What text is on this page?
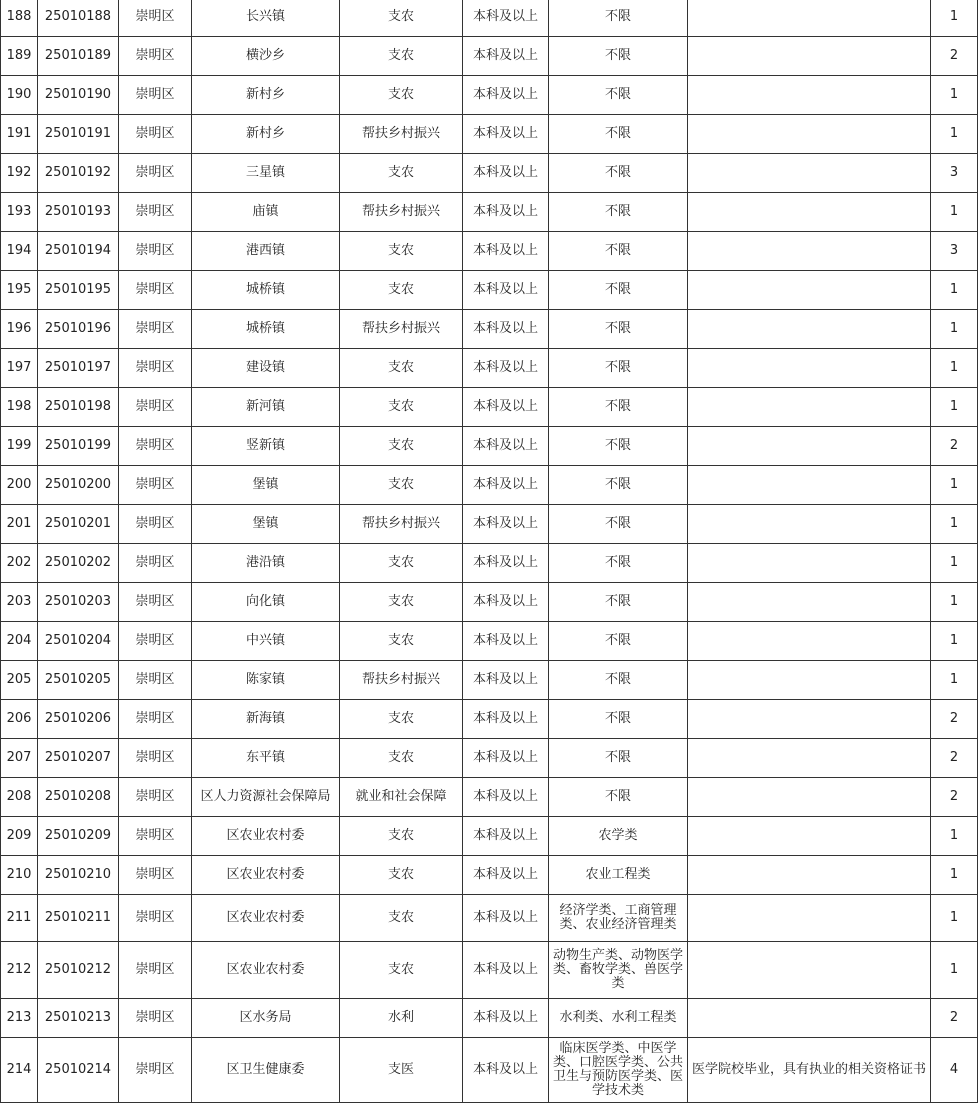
188	25010188	崇明区	长兴镇	支农	本科及以上	不限		1
189	25010189	崇明区	横沙乡	支农	本科及以上	不限		2
190	25010190	崇明区	新村乡	支农	本科及以上	不限		1
191	25010191	崇明区	新村乡	帮扶乡村振兴	本科及以上	不限		1
192	25010192	崇明区	三星镇	支农	本科及以上	不限		3
193	25010193	崇明区	庙镇	帮扶乡村振兴	本科及以上	不限		1
194	25010194	崇明区	港西镇	支农	本科及以上	不限		3
195	25010195	崇明区	城桥镇	支农	本科及以上	不限		1
196	25010196	崇明区	城桥镇	帮扶乡村振兴	本科及以上	不限		1
197	25010197	崇明区	建设镇	支农	本科及以上	不限		1
198	25010198	崇明区	新河镇	支农	本科及以上	不限		1
199	25010199	崇明区	竖新镇	支农	本科及以上	不限		2
200	25010200	崇明区	堡镇	支农	本科及以上	不限		1
201	25010201	崇明区	堡镇	帮扶乡村振兴	本科及以上	不限		1
202	25010202	崇明区	港沿镇	支农	本科及以上	不限		1
203	25010203	崇明区	向化镇	支农	本科及以上	不限		1
204	25010204	崇明区	中兴镇	支农	本科及以上	不限		1
205	25010205	崇明区	陈家镇	帮扶乡村振兴	本科及以上	不限		1
206	25010206	崇明区	新海镇	支农	本科及以上	不限		2
207	25010207	崇明区	东平镇	支农	本科及以上	不限		2
208	25010208	崇明区	区人力资源社会保障局	就业和社会保障	本科及以上	不限		2
209	25010209	崇明区	区农业农村委	支农	本科及以上	农学类		1
210	25010210	崇明区	区农业农村委	支农	本科及以上	农业工程类		1
211	25010211	崇明区	区农业农村委	支农	本科及以上	经济学类、工商管理类、农业经济管理类		1
212	25010212	崇明区	区农业农村委	支农	本科及以上	动物生产类、动物医学类、畜牧学类、兽医学类		1
213	25010213	崇明区	区水务局	水利	本科及以上	水利类、水利工程类		2
214	25010214	崇明区	区卫生健康委	支医	本科及以上	临床医学类、中医学类、口腔医学类、公共卫生与预防医学类、医学技术类	医学院校毕业，具有执业的相关资格证书	4
